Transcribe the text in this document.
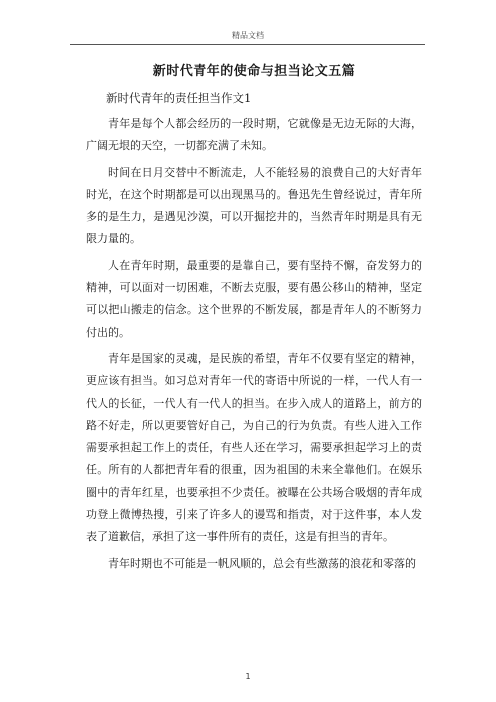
精品文档
新时代青年的使命与担当论文五篇
新时代青年的责任担当作文1

青年是每个人都会经历的一段时期，它就像是无边无际的大海，广阔无垠的天空，一切都充满了未知。

时间在日月交替中不断流走，人不能轻易的浪费自己的大好青年时光，在这个时期都是可以出现黑马的。鲁迅先生曾经说过，青年所多的是生力，是遇见沙漠，可以开掘挖井的，当然青年时期是具有无限力量的。

人在青年时期，最重要的是靠自己，要有坚持不懈，奋发努力的精神，可以面对一切困难，不断去克服，要有愚公移山的精神，坚定可以把山搬走的信念。这个世界的不断发展，都是青年人的不断努力付出的。

青年是国家的灵魂，是民族的希望，青年不仅要有坚定的精神，更应该有担当。如习总对青年一代的寄语中所说的一样，一代人有一代人的长征，一代人有一代人的担当。在步入成人的道路上，前方的路不好走，所以更要管好自己，为自己的行为负责。有些人进入工作需要承担起工作上的责任，有些人还在学习，需要承担起学习上的责任。所有的人都把青年看的很重，因为祖国的未来全靠他们。在娱乐圈中的青年红星，也要承担不少责任。被曝在公共场合吸烟的青年成功登上微博热搜，引来了许多人的谩骂和指责，对于这件事，本人发表了道歉信，承担了这一事件所有的责任，这是有担当的青年。

青年时期也不可能是一帆风顺的，总会有些激荡的浪花和零落的

1
